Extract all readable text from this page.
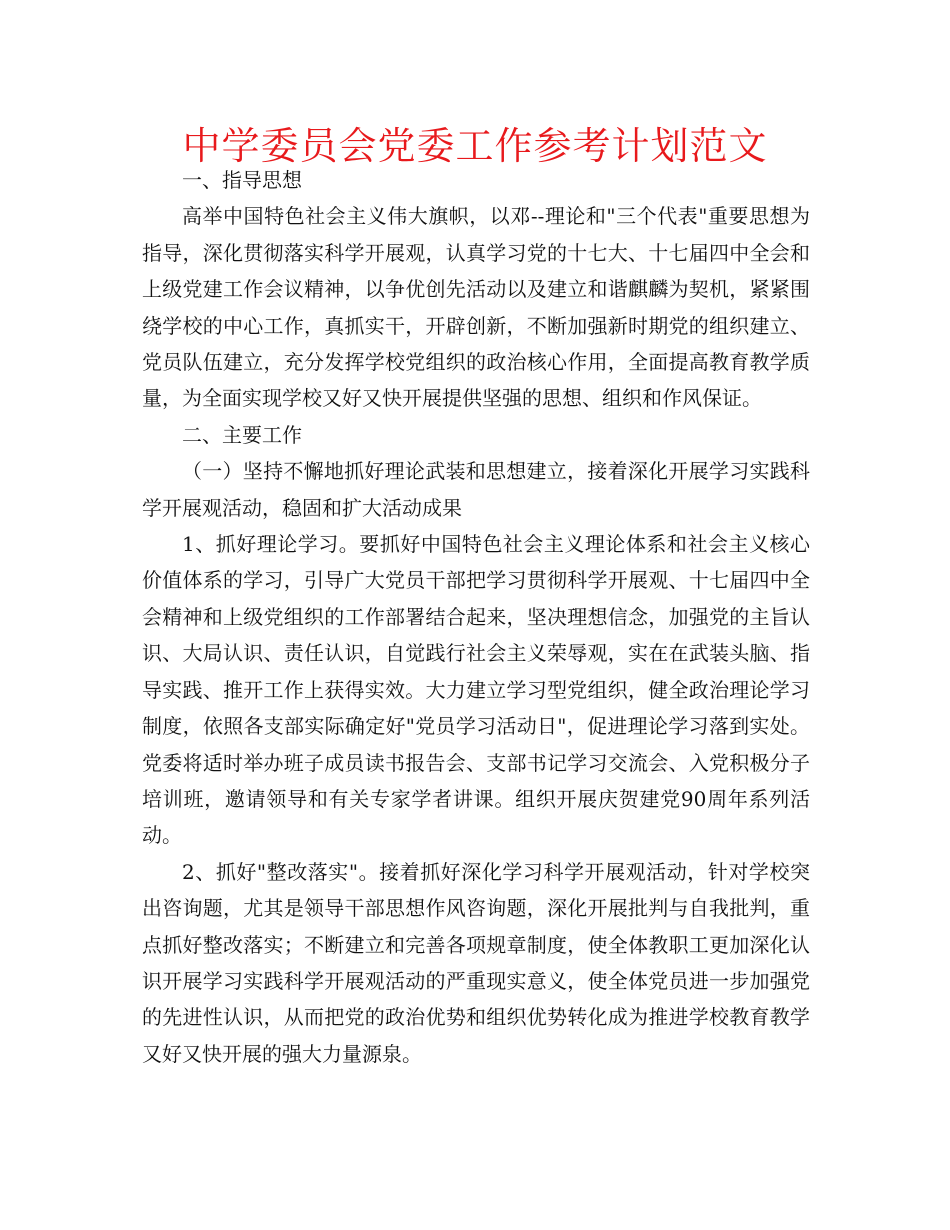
中学委员会党委工作参考计划范文

一、指导思想

高举中国特色社会主义伟大旗帜，以邓--理论和"三个代表"重要思想为指导，深化贯彻落实科学开展观，认真学习党的十七大、十七届四中全会和上级党建工作会议精神，以争优创先活动以及建立和谐麒麟为契机，紧紧围绕学校的中心工作，真抓实干，开辟创新，不断加强新时期党的组织建立、党员队伍建立，充分发挥学校党组织的政治核心作用，全面提高教育教学质量，为全面实现学校又好又快开展提供坚强的思想、组织和作风保证。

二、主要工作

（一）坚持不懈地抓好理论武装和思想建立，接着深化开展学习实践科学开展观活动，稳固和扩大活动成果

1、抓好理论学习。要抓好中国特色社会主义理论体系和社会主义核心价值体系的学习，引导广大党员干部把学习贯彻科学开展观、十七届四中全会精神和上级党组织的工作部署结合起来，坚决理想信念，加强党的主旨认识、大局认识、责任认识，自觉践行社会主义荣辱观，实在在武装头脑、指导实践、推开工作上获得实效。大力建立学习型党组织，健全政治理论学习制度，依照各支部实际确定好"党员学习活动日"，促进理论学习落到实处。党委将适时举办班子成员读书报告会、支部书记学习交流会、入党积极分子培训班，邀请领导和有关专家学者讲课。组织开展庆贺建党90周年系列活动。

2、抓好"整改落实"。接着抓好深化学习科学开展观活动，针对学校突出咨询题，尤其是领导干部思想作风咨询题，深化开展批判与自我批判，重点抓好整改落实；不断建立和完善各项规章制度，使全体教职工更加深化认识开展学习实践科学开展观活动的严重现实意义，使全体党员进一步加强党的先进性认识，从而把党的政治优势和组织优势转化成为推进学校教育教学又好又快开展的强大力量源泉。
